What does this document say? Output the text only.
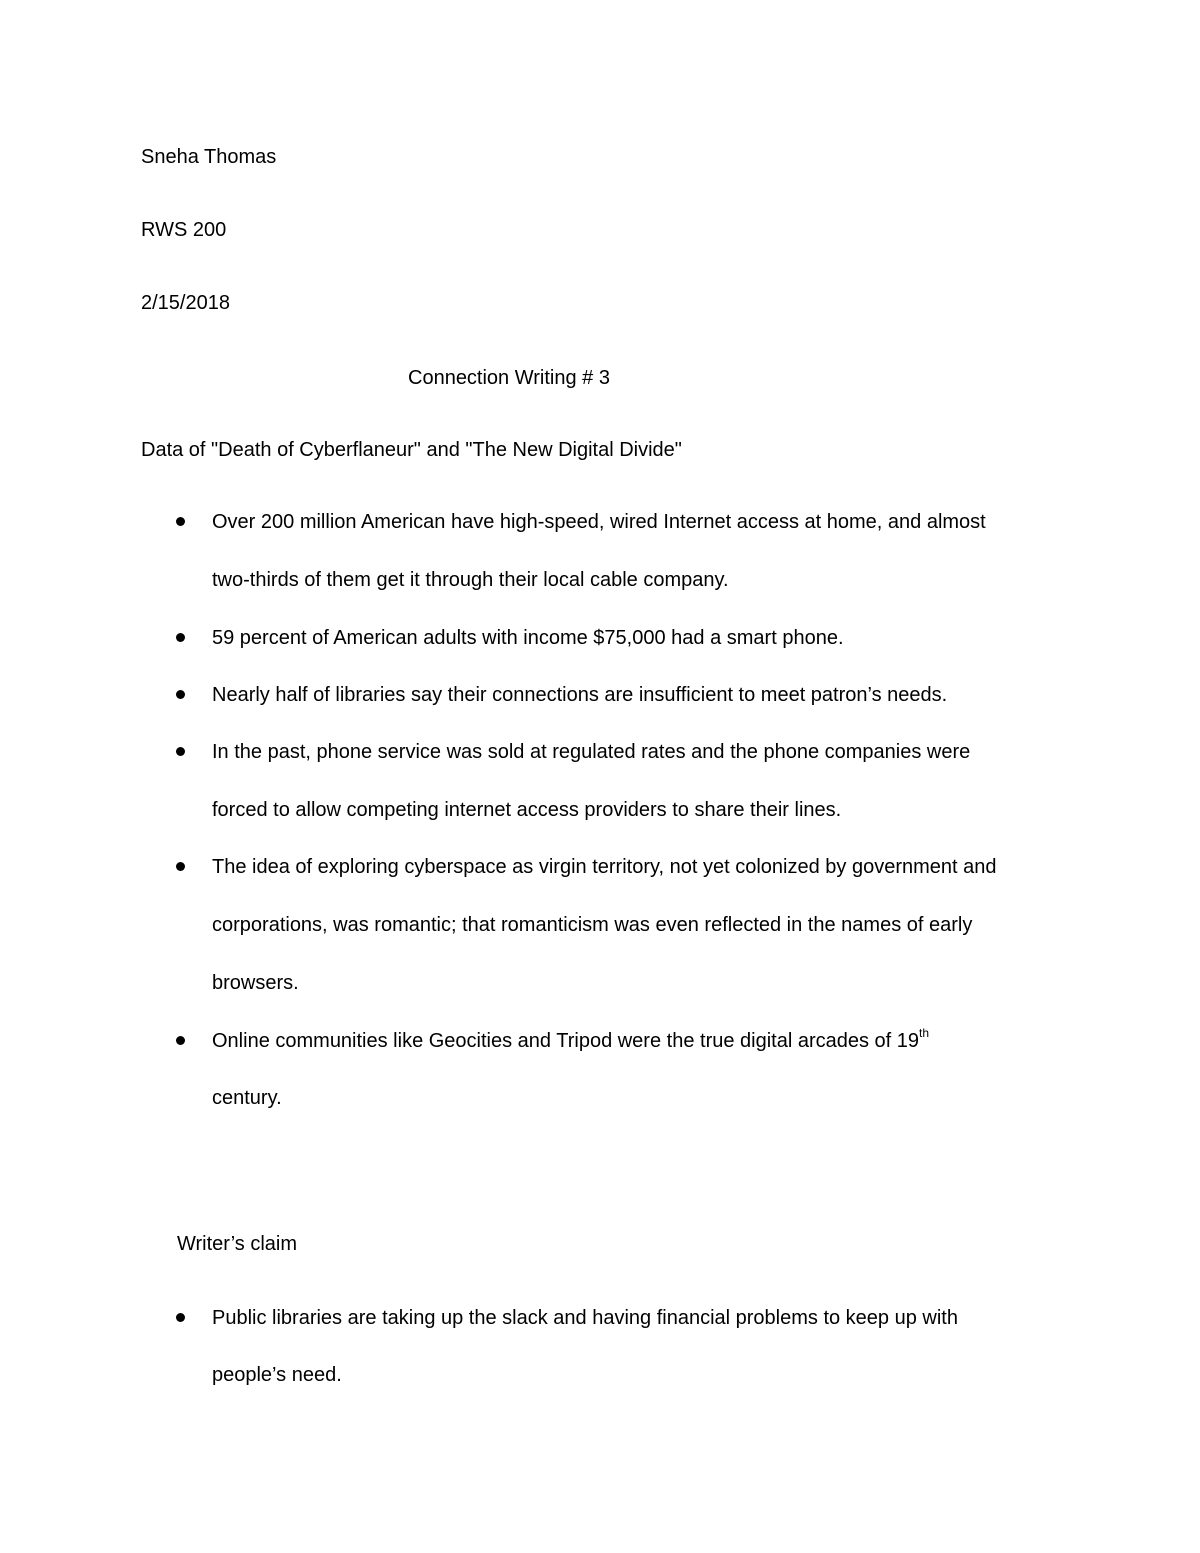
Sneha Thomas
RWS 200
2/15/2018
Connection Writing # 3
Data of "Death of Cyberflaneur" and "The New Digital Divide"
Over 200 million American have high-speed, wired Internet access at home, and almost
two-thirds of them get it through their local cable company.
59 percent of American adults with income $75,000 had a smart phone.
Nearly half of libraries say their connections are insufficient to meet patron’s needs.
In the past, phone service was sold at regulated rates and the phone companies were
forced to allow competing internet access providers to share their lines.
The idea of exploring cyberspace as virgin territory, not yet colonized by government and
corporations, was romantic; that romanticism was even reflected in the names of early
browsers.
Online communities like Geocities and Tripod were the true digital arcades of 19th
century.
Writer’s claim
Public libraries are taking up the slack and having financial problems to keep up with
people’s need.
